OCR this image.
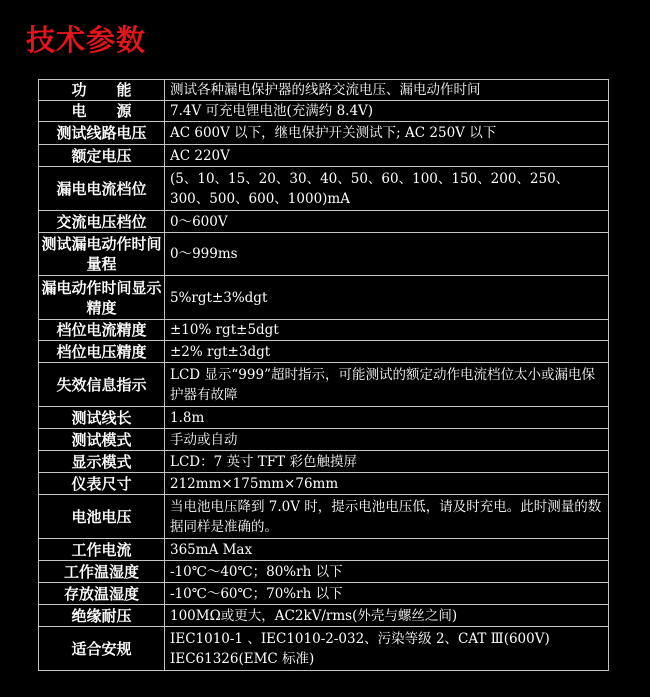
技术参数
功　　能	测试各种漏电保护器的线路交流电压、漏电动作时间
电　　源	7.4V 可充电锂电池(充满约 8.4V)
测试线路电压	AC 600V 以下，继电保护开关测试下; AC 250V 以下
额定电压	AC 220V
漏电电流档位	(5、10、15、20、30、40、50、60、100、150、200、250、300、500、600、1000)mA
交流电压档位	0～600V
测试漏电动作时间量程	0～999ms
漏电动作时间显示精度	5%rgt±3%dgt
档位电流精度	±10% rgt±5dgt
档位电压精度	±2% rgt±3dgt
失效信息指示	LCD 显示“999”超时指示，可能测试的额定动作电流档位太小或漏电保护器有故障
测试线长	1.8m
测试模式	手动或自动
显示模式	LCD：7 英寸 TFT 彩色触摸屏
仪表尺寸	212mm×175mm×76mm
电池电压	当电池电压降到 7.0V 时，提示电池电压低，请及时充电。此时测量的数据同样是准确的。
工作电流	365mA Max
工作温湿度	-10℃～40℃；80%rh 以下
存放温湿度	-10℃～60℃；70%rh 以下
绝缘耐压	100MΩ或更大，AC2kV/rms(外壳与螺丝之间)
适合安规	IEC1010-1 、IEC1010-2-032、污染等级 2、CAT Ⅲ(600V) IEC61326(EMC 标准)
